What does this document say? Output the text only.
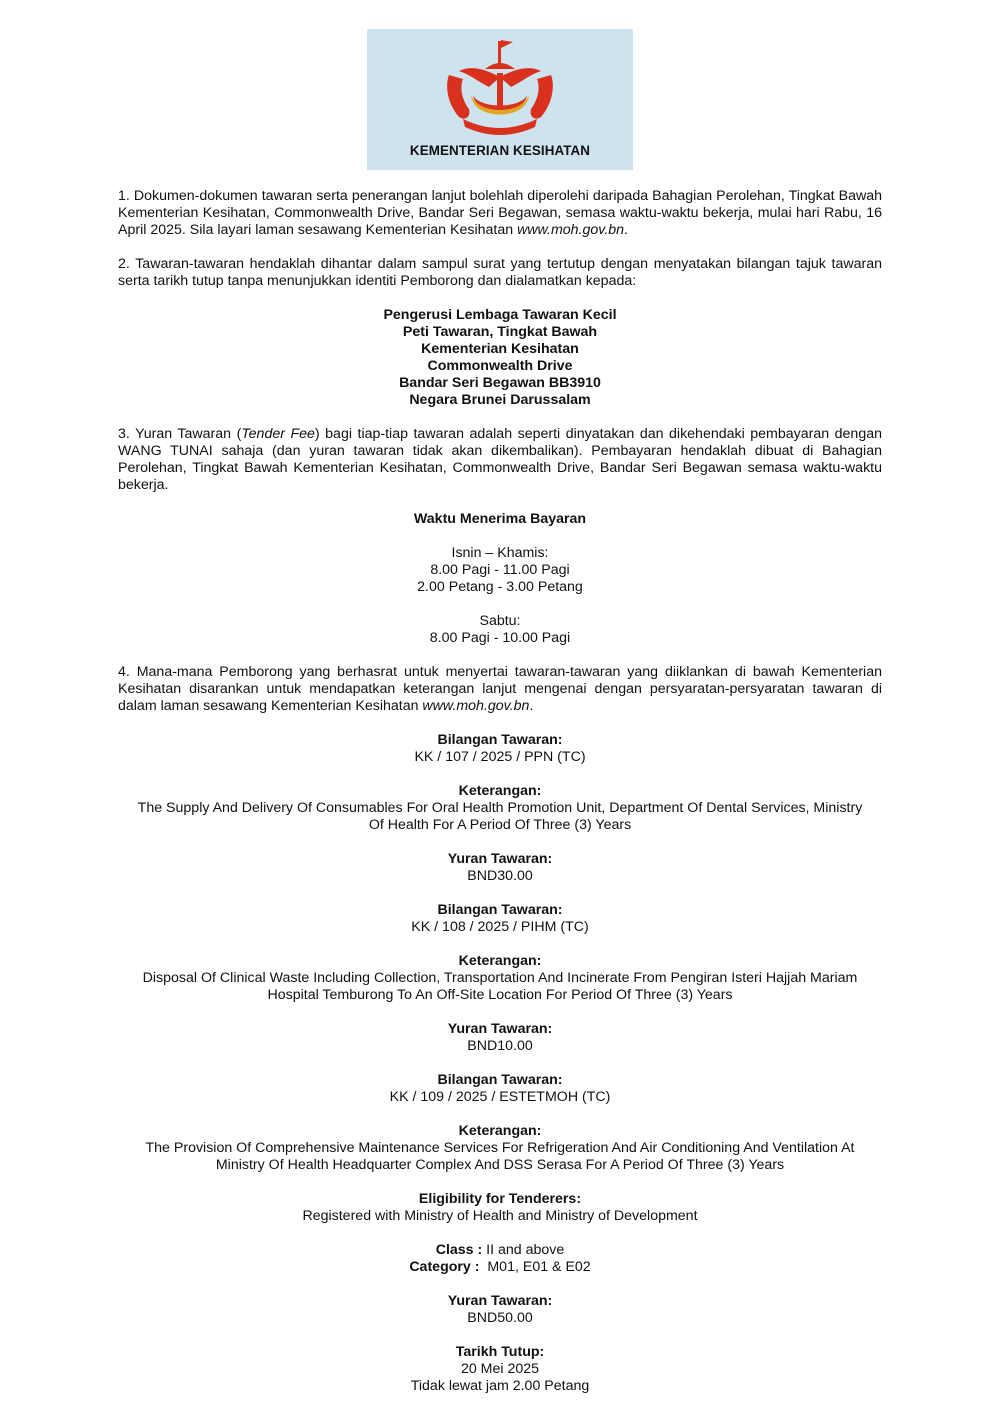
KEMENTERIAN KESIHATAN

1. Dokumen-dokumen tawaran serta penerangan lanjut bolehlah diperolehi daripada Bahagian Perolehan, Tingkat Bawah Kementerian Kesihatan, Commonwealth Drive, Bandar Seri Begawan, semasa waktu-waktu bekerja, mulai hari Rabu, 16 April 2025. Sila layari laman sesawang Kementerian Kesihatan www.moh.gov.bn.

2. Tawaran-tawaran hendaklah dihantar dalam sampul surat yang tertutup dengan menyatakan bilangan tajuk tawaran serta tarikh tutup tanpa menunjukkan identiti Pemborong dan dialamatkan kepada:

Pengerusi Lembaga Tawaran Kecil
Peti Tawaran, Tingkat Bawah
Kementerian Kesihatan
Commonwealth Drive
Bandar Seri Begawan BB3910
Negara Brunei Darussalam

3. Yuran Tawaran (Tender Fee) bagi tiap-tiap tawaran adalah seperti dinyatakan dan dikehendaki pembayaran dengan WANG TUNAI sahaja (dan yuran tawaran tidak akan dikembalikan). Pembayaran hendaklah dibuat di Bahagian Perolehan, Tingkat Bawah Kementerian Kesihatan, Commonwealth Drive, Bandar Seri Begawan semasa waktu-waktu bekerja.

Waktu Menerima Bayaran
Isnin – Khamis:
8.00 Pagi - 11.00 Pagi
2.00 Petang - 3.00 Petang
Sabtu:
8.00 Pagi - 10.00 Pagi

4. Mana-mana Pemborong yang berhasrat untuk menyertai tawaran-tawaran yang diiklankan di bawah Kementerian Kesihatan disarankan untuk mendapatkan keterangan lanjut mengenai dengan persyaratan-persyaratan tawaran di dalam laman sesawang Kementerian Kesihatan www.moh.gov.bn.

Bilangan Tawaran:
KK / 107 / 2025 / PPN (TC)
Keterangan:
The Supply And Delivery Of Consumables For Oral Health Promotion Unit, Department Of Dental Services, Ministry
Of Health For A Period Of Three (3) Years
Yuran Tawaran:
BND30.00
Bilangan Tawaran:
KK / 108 / 2025 / PIHM (TC)
Keterangan:
Disposal Of Clinical Waste Including Collection, Transportation And Incinerate From Pengiran Isteri Hajjah Mariam
Hospital Temburong To An Off-Site Location For Period Of Three (3) Years
Yuran Tawaran:
BND10.00
Bilangan Tawaran:
KK / 109 / 2025 / ESTETMOH (TC)
Keterangan:
The Provision Of Comprehensive Maintenance Services For Refrigeration And Air Conditioning And Ventilation At
Ministry Of Health Headquarter Complex And DSS Serasa For A Period Of Three (3) Years
Eligibility for Tenderers:
Registered with Ministry of Health and Ministry of Development
Class : II and above
Category :  M01, E01 & E02
Yuran Tawaran:
BND50.00
Tarikh Tutup:
20 Mei 2025
Tidak lewat jam 2.00 Petang
